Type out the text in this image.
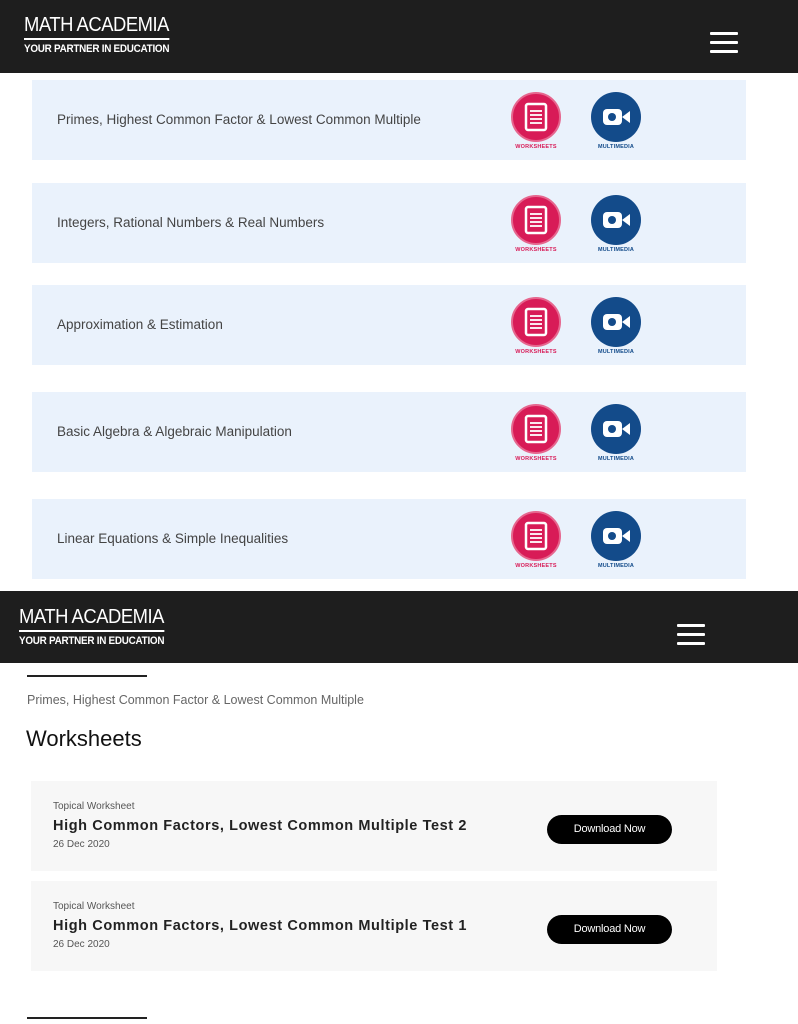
MATH ACADEMIA
YOUR PARTNER IN EDUCATION
Primes, Highest Common Factor & Lowest Common Multiple
WORKSHEETS	MULTIMEDIA
Integers, Rational Numbers & Real Numbers
WORKSHEETS	MULTIMEDIA
Approximation & Estimation
WORKSHEETS	MULTIMEDIA
Basic Algebra & Algebraic Manipulation
WORKSHEETS	MULTIMEDIA
Linear Equations & Simple Inequalities
WORKSHEETS	MULTIMEDIA
MATH ACADEMIA
YOUR PARTNER IN EDUCATION
Primes, Highest Common Factor & Lowest Common Multiple
Worksheets
Topical Worksheet
High Common Factors, Lowest Common Multiple Test 2
26 Dec 2020
Download Now
Topical Worksheet
High Common Factors, Lowest Common Multiple Test 1
26 Dec 2020
Download Now
